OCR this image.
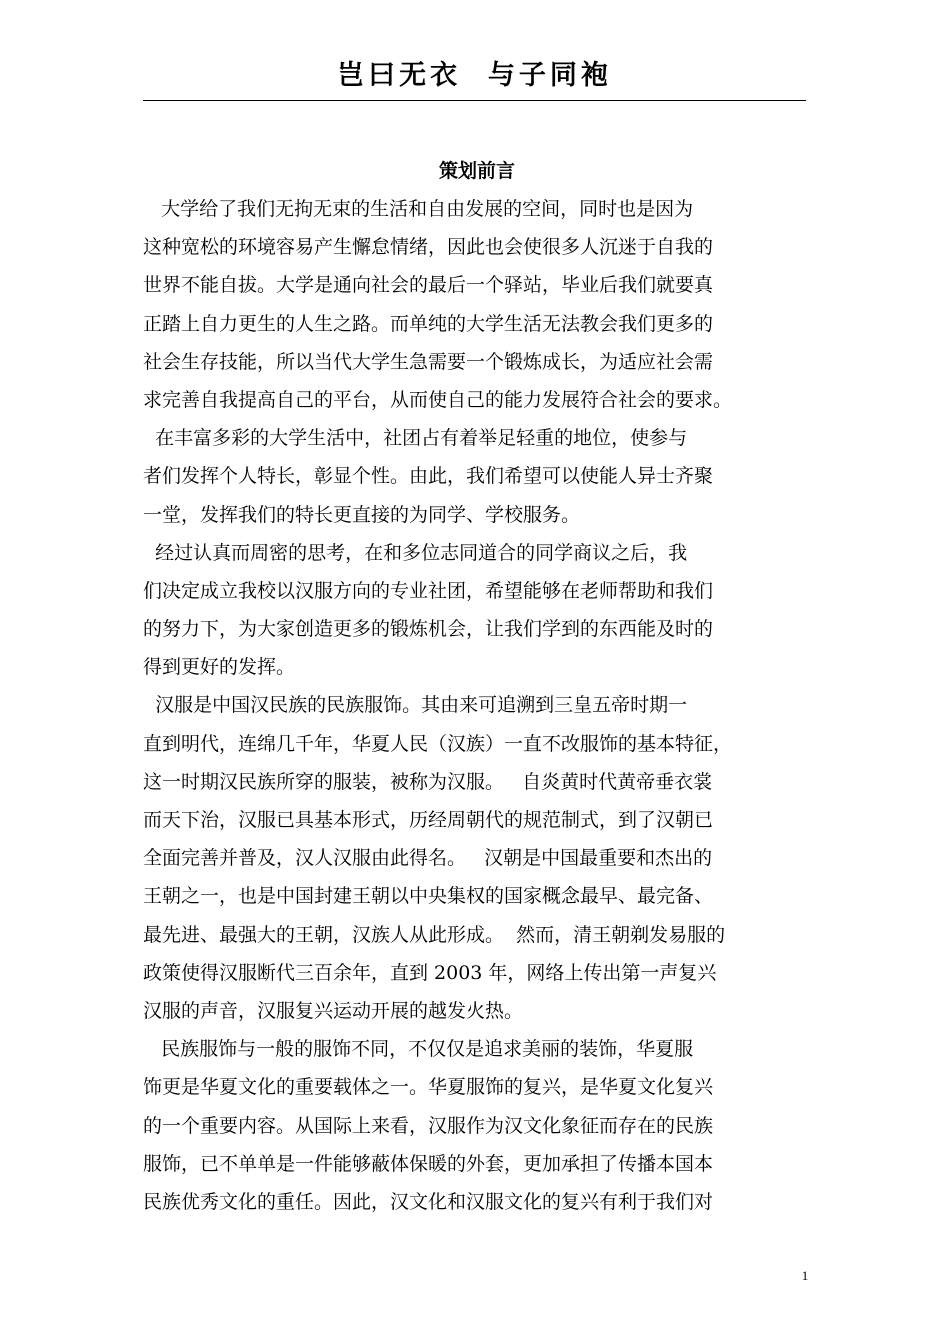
岂曰无衣  与子同袍
策划前言

大学给了我们无拘无束的生活和自由发展的空间，同时也是因为
这种宽松的环境容易产生懈怠情绪，因此也会使很多人沉迷于自我的
世界不能自拔。大学是通向社会的最后一个驿站，毕业后我们就要真
正踏上自力更生的人生之路。而单纯的大学生活无法教会我们更多的
社会生存技能，所以当代大学生急需要一个锻炼成长，为适应社会需
求完善自我提高自己的平台，从而使自己的能力发展符合社会的要求。

在丰富多彩的大学生活中，社团占有着举足轻重的地位，使参与
者们发挥个人特长，彰显个性。由此，我们希望可以使能人异士齐聚
一堂，发挥我们的特长更直接的为同学、学校服务。

经过认真而周密的思考，在和多位志同道合的同学商议之后，我
们决定成立我校以汉服方向的专业社团，希望能够在老师帮助和我们
的努力下，为大家创造更多的锻炼机会，让我们学到的东西能及时的
得到更好的发挥。

汉服是中国汉民族的民族服饰。其由来可追溯到三皇五帝时期一
直到明代，连绵几千年，华夏人民（汉族）一直不改服饰的基本特征，
这一时期汉民族所穿的服装，被称为汉服。   自炎黄时代黄帝垂衣裳
而天下治，汉服已具基本形式，历经周朝代的规范制式，到了汉朝已
全面完善并普及，汉人汉服由此得名。   汉朝是中国最重要和杰出的
王朝之一，也是中国封建王朝以中央集权的国家概念最早、最完备、
最先进、最强大的王朝，汉族人从此形成。  然而，清王朝剃发易服的
政策使得汉服断代三百余年，直到 2003 年，网络上传出第一声复兴
汉服的声音，汉服复兴运动开展的越发火热。

民族服饰与一般的服饰不同，不仅仅是追求美丽的装饰，华夏服
饰更是华夏文化的重要载体之一。华夏服饰的复兴，是华夏文化复兴
的一个重要内容。从国际上来看，汉服作为汉文化象征而存在的民族
服饰，已不单单是一件能够蔽体保暖的外套，更加承担了传播本国本
民族优秀文化的重任。因此，汉文化和汉服文化的复兴有利于我们对

1
